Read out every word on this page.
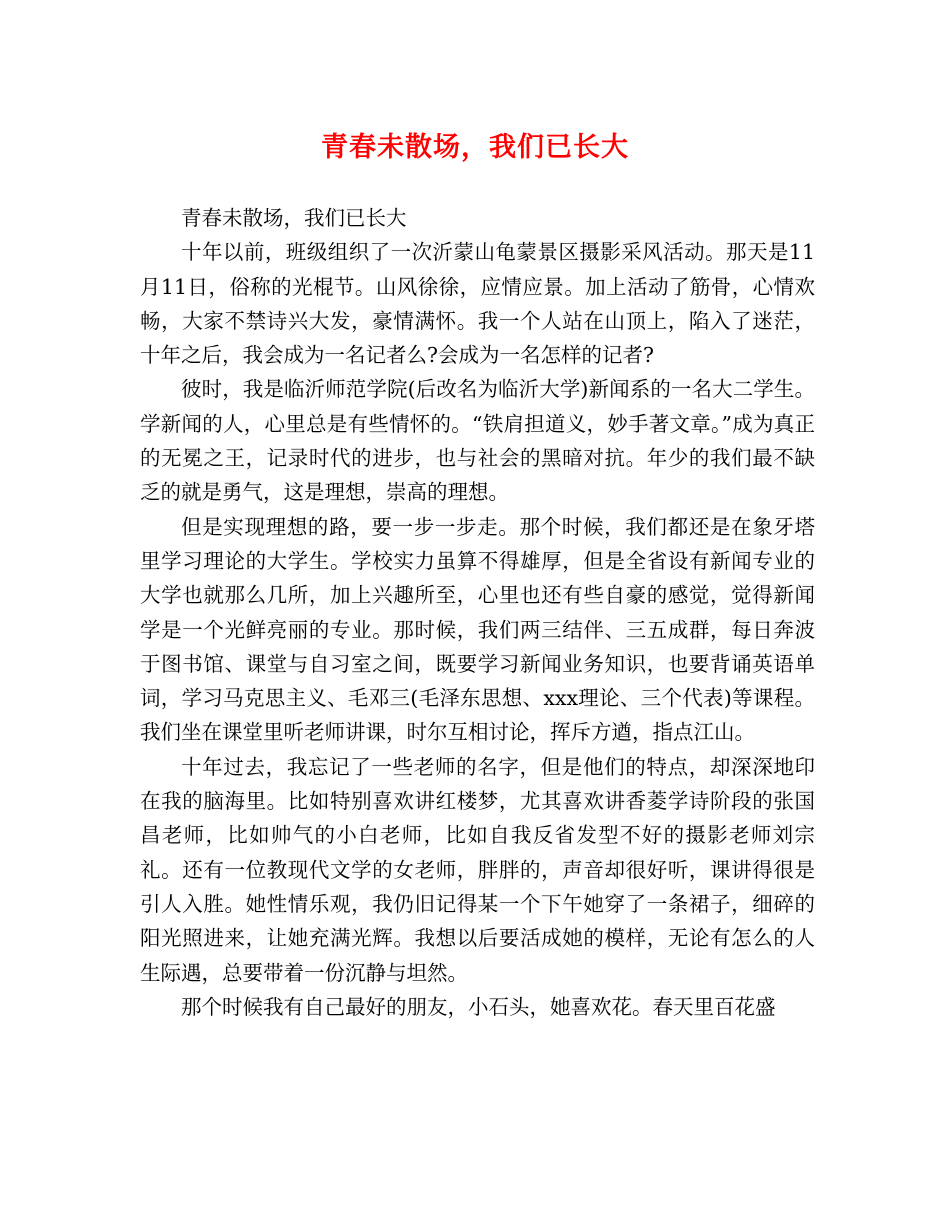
青春未散场，我们已长大

青春未散场，我们已长大

十年以前，班级组织了一次沂蒙山龟蒙景区摄影采风活动。那天是11月11日，俗称的光棍节。山风徐徐，应情应景。加上活动了筋骨，心情欢畅，大家不禁诗兴大发，豪情满怀。我一个人站在山顶上，陷入了迷茫，十年之后，我会成为一名记者么?会成为一名怎样的记者?

彼时，我是临沂师范学院(后改名为临沂大学)新闻系的一名大二学生。学新闻的人，心里总是有些情怀的。“铁肩担道义，妙手著文章。”成为真正的无冕之王，记录时代的进步，也与社会的黑暗对抗。年少的我们最不缺乏的就是勇气，这是理想，崇高的理想。

但是实现理想的路，要一步一步走。那个时候，我们都还是在象牙塔里学习理论的大学生。学校实力虽算不得雄厚，但是全省设有新闻专业的大学也就那么几所，加上兴趣所至，心里也还有些自豪的感觉，觉得新闻学是一个光鲜亮丽的专业。那时候，我们两三结伴、三五成群，每日奔波于图书馆、课堂与自习室之间，既要学习新闻业务知识，也要背诵英语单词，学习马克思主义、毛邓三(毛泽东思想、xxx理论、三个代表)等课程。我们坐在课堂里听老师讲课，时尔互相讨论，挥斥方遒，指点江山。

十年过去，我忘记了一些老师的名字，但是他们的特点，却深深地印在我的脑海里。比如特别喜欢讲红楼梦，尤其喜欢讲香菱学诗阶段的张国昌老师，比如帅气的小白老师，比如自我反省发型不好的摄影老师刘宗礼。还有一位教现代文学的女老师，胖胖的，声音却很好听，课讲得很是引人入胜。她性情乐观，我仍旧记得某一个下午她穿了一条裙子，细碎的阳光照进来，让她充满光辉。我想以后要活成她的模样，无论有怎么的人生际遇，总要带着一份沉静与坦然。

那个时候我有自己最好的朋友，小石头，她喜欢花。春天里百花盛
